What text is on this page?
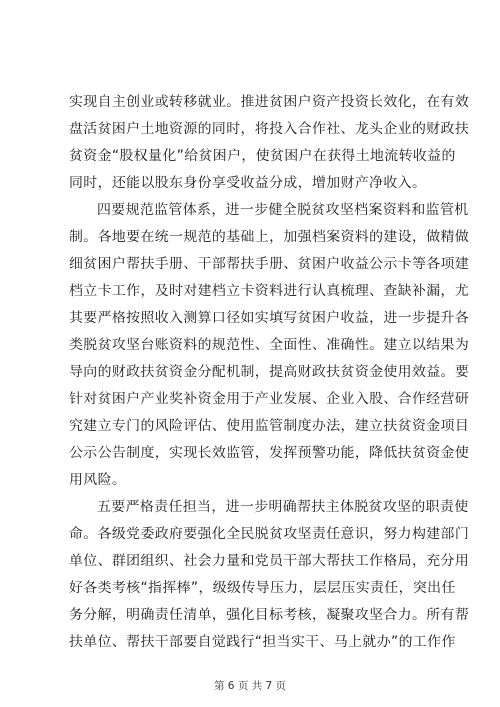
实现自主创业或转移就业。推进贫困户资产投资长效化，在有效
盘活贫困户土地资源的同时，将投入合作社、龙头企业的财政扶
贫资金“股权量化”给贫困户，使贫困户在获得土地流转收益的
同时，还能以股东身份享受收益分成，增加财产净收入。
四要规范监管体系，进一步健全脱贫攻坚档案资料和监管机
制。各地要在统一规范的基础上，加强档案资料的建设，做精做
细贫困户帮扶手册、干部帮扶手册、贫困户收益公示卡等各项建
档立卡工作，及时对建档立卡资料进行认真梳理、查缺补漏，尤
其要严格按照收入测算口径如实填写贫困户收益，进一步提升各
类脱贫攻坚台账资料的规范性、全面性、准确性。建立以结果为
导向的财政扶贫资金分配机制，提高财政扶贫资金使用效益。要
针对贫困户产业奖补资金用于产业发展、企业入股、合作经营研
究建立专门的风险评估、使用监管制度办法，建立扶贫资金项目
公示公告制度，实现长效监管，发挥预警功能，降低扶贫资金使
用风险。
五要严格责任担当，进一步明确帮扶主体脱贫攻坚的职责使
命。各级党委政府要强化全民脱贫攻坚责任意识，努力构建部门
单位、群团组织、社会力量和党员干部大帮扶工作格局，充分用
好各类考核“指挥棒”，级级传导压力，层层压实责任，突出任
务分解，明确责任清单，强化目标考核，凝聚攻坚合力。所有帮
扶单位、帮扶干部要自觉践行“担当实干、马上就办”的工作作
第 6 页 共 7 页
